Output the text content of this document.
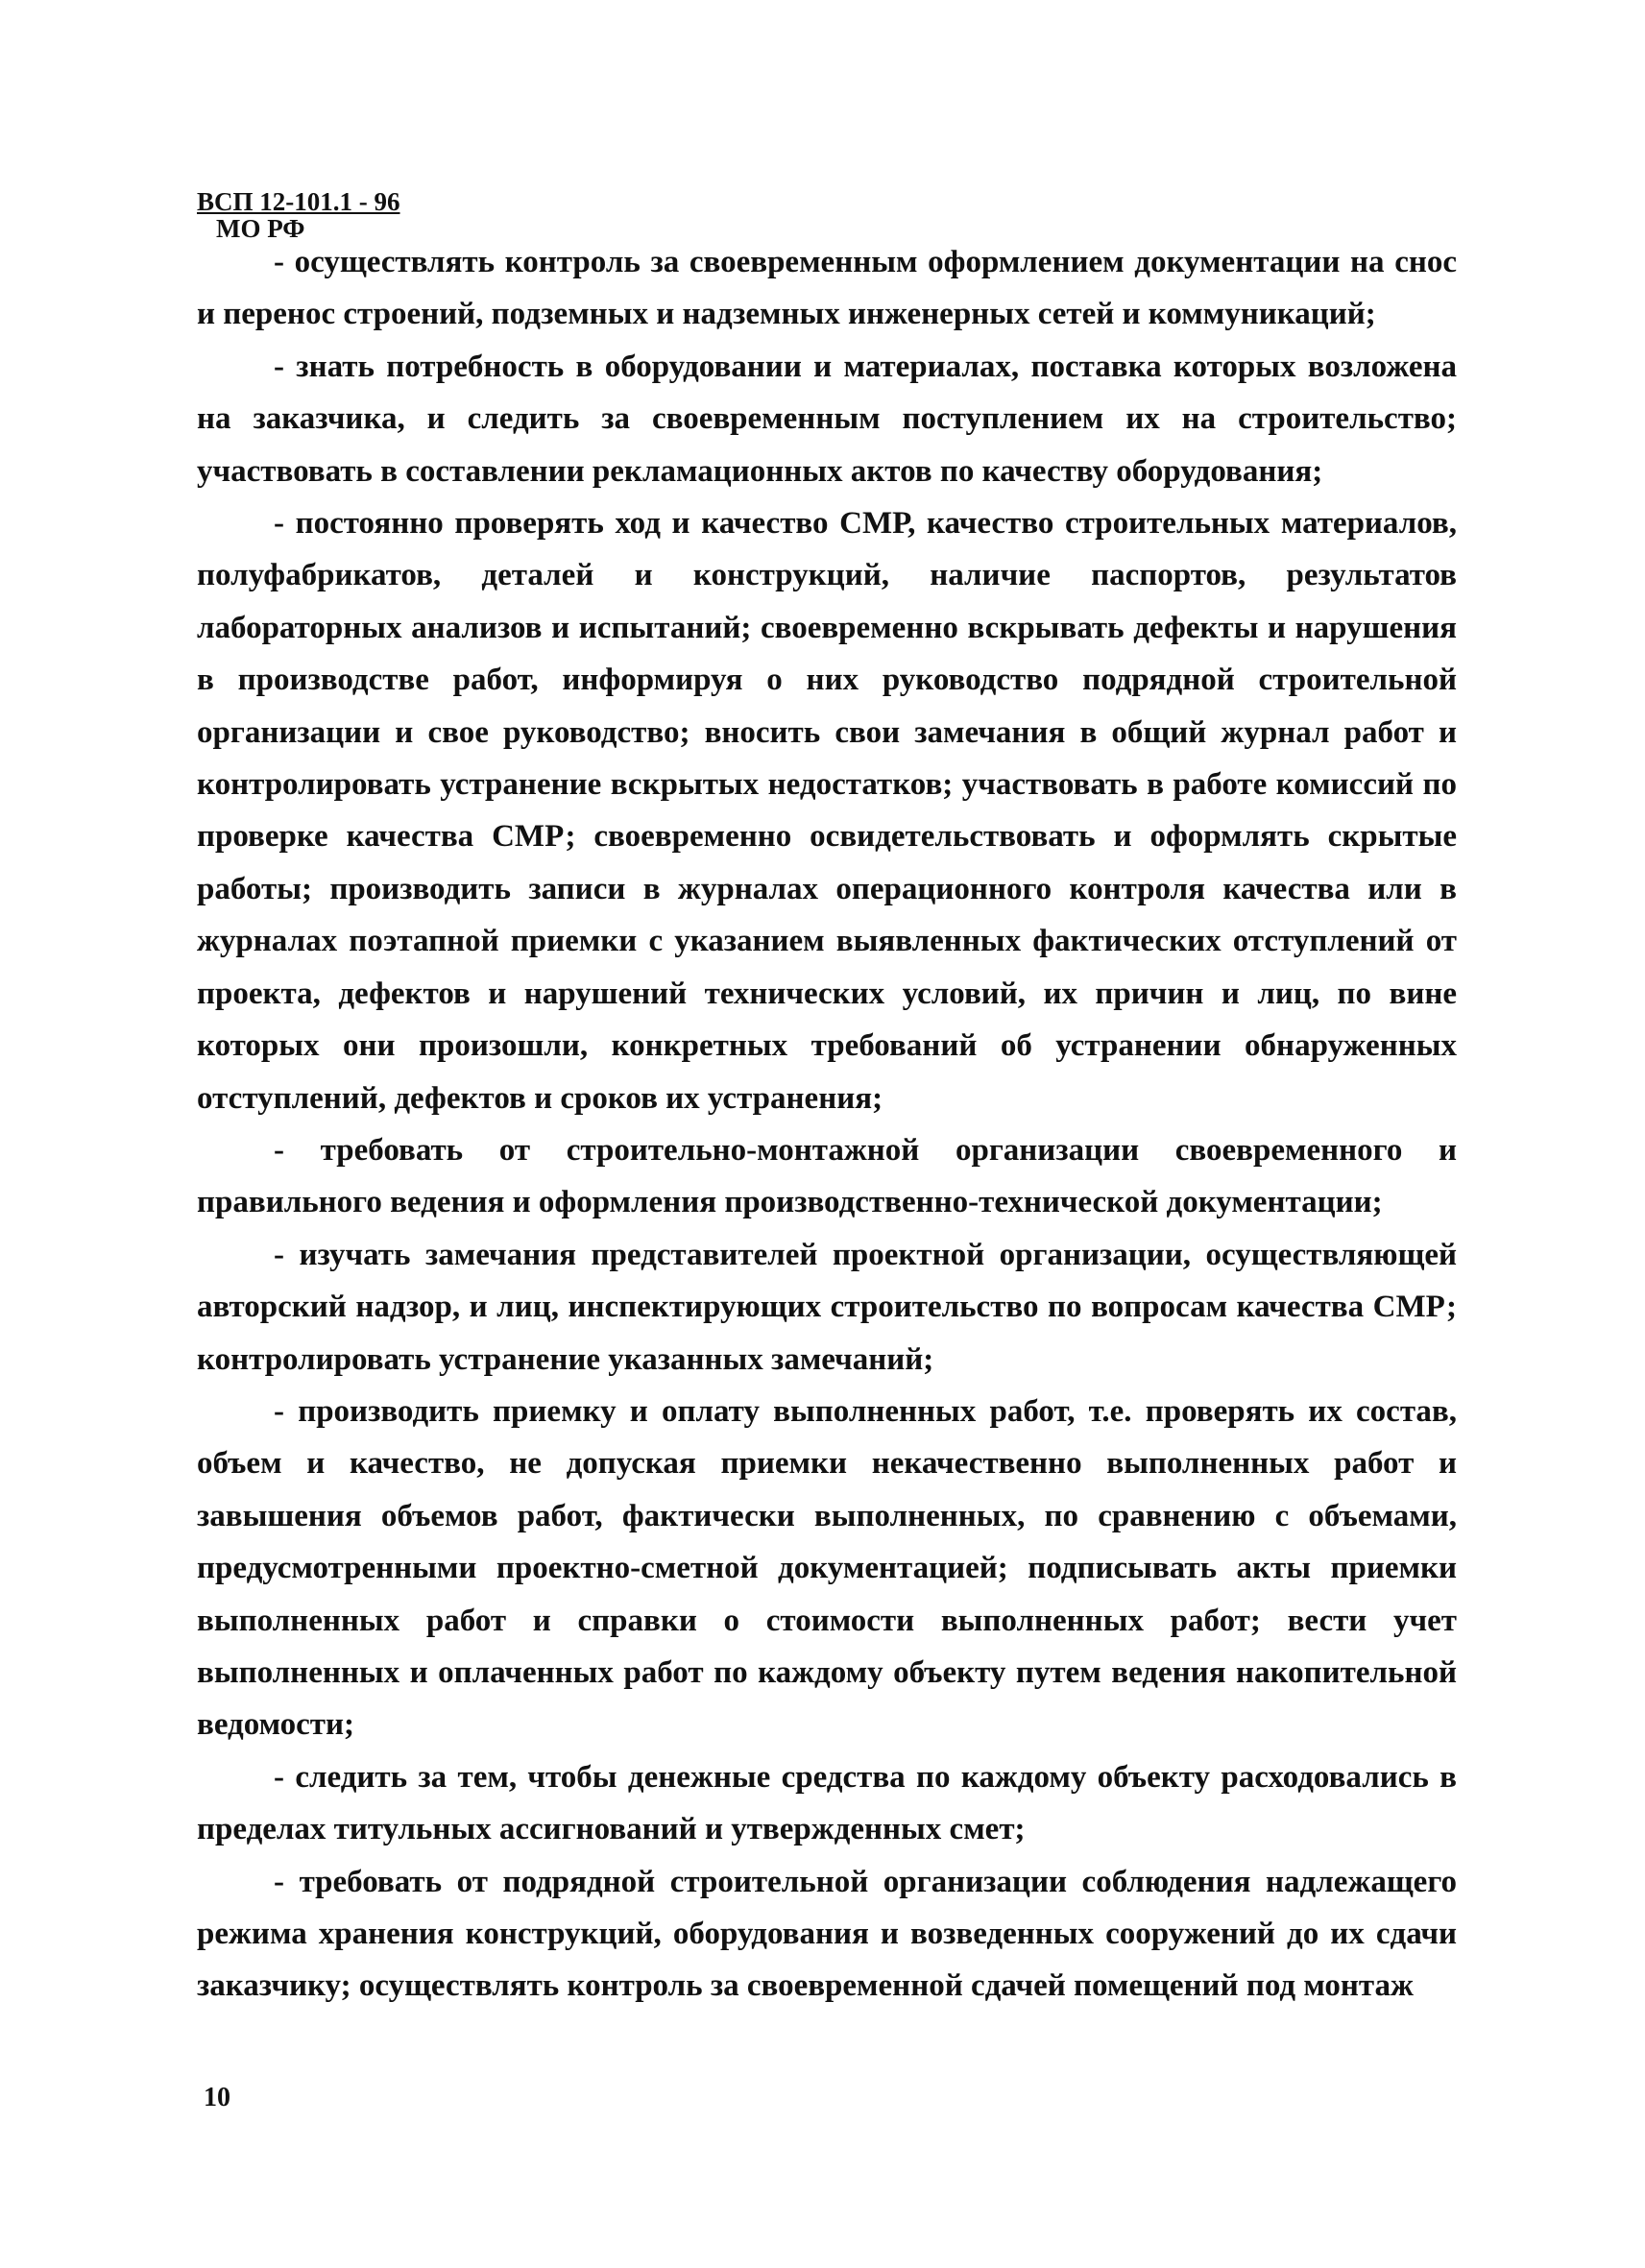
ВСП 12-101.1 - 96
МО РФ

- осуществлять контроль за своевременным оформлением документации на снос и перенос строений, подземных и надземных инженерных сетей и коммуникаций;

- знать потребность в оборудовании и материалах, поставка которых возложена на заказчика, и следить за своевременным поступлением их на строительство; участвовать в составлении рекламационных актов по качеству оборудования;

- постоянно проверять ход и качество СМР, качество строительных материалов, полуфабрикатов, деталей и конструкций, наличие паспортов, результатов лабораторных анализов и испытаний; своевременно вскрывать дефекты и нарушения в производстве работ, информируя о них руководство подрядной строительной организации и свое руководство; вносить свои замечания в общий журнал работ и контролировать устранение вскрытых недостатков; участвовать в работе комиссий по проверке качества СМР; своевременно освидетельствовать и оформлять скрытые работы; производить записи в журналах операционного контроля качества или в журналах поэтапной приемки с указанием выявленных фактических отступлений от проекта, дефектов и нарушений технических условий, их причин и лиц, по вине которых они произошли, конкретных требований об устранении обнаруженных отступлений, дефектов и сроков их устранения;

- требовать от строительно-монтажной организации своевременного и правильного ведения и оформления производственно-технической документации;

- изучать замечания представителей проектной организации, осуществляющей авторский надзор, и лиц, инспектирующих строительство по вопросам качества СМР; контролировать устранение указанных замечаний;

- производить приемку и оплату выполненных работ, т.е. проверять их состав, объем и качество, не допуская приемки некачественно выполненных работ и завышения объемов работ, фактически выполненных, по сравнению с объемами, предусмотренными проектно-сметной документацией; подписывать акты приемки выполненных работ и справки о стоимости выполненных работ; вести учет выполненных и оплаченных работ по каждому объекту путем ведения накопительной ведомости;

- следить за тем, чтобы денежные средства по каждому объекту расходовались в пределах титульных ассигнований и утвержденных смет;

- требовать от подрядной строительной организации соблюдения надлежащего режима хранения конструкций, оборудования и возведенных сооружений до их сдачи заказчику; осуществлять контроль за своевременной сдачей помещений под монтаж

10
